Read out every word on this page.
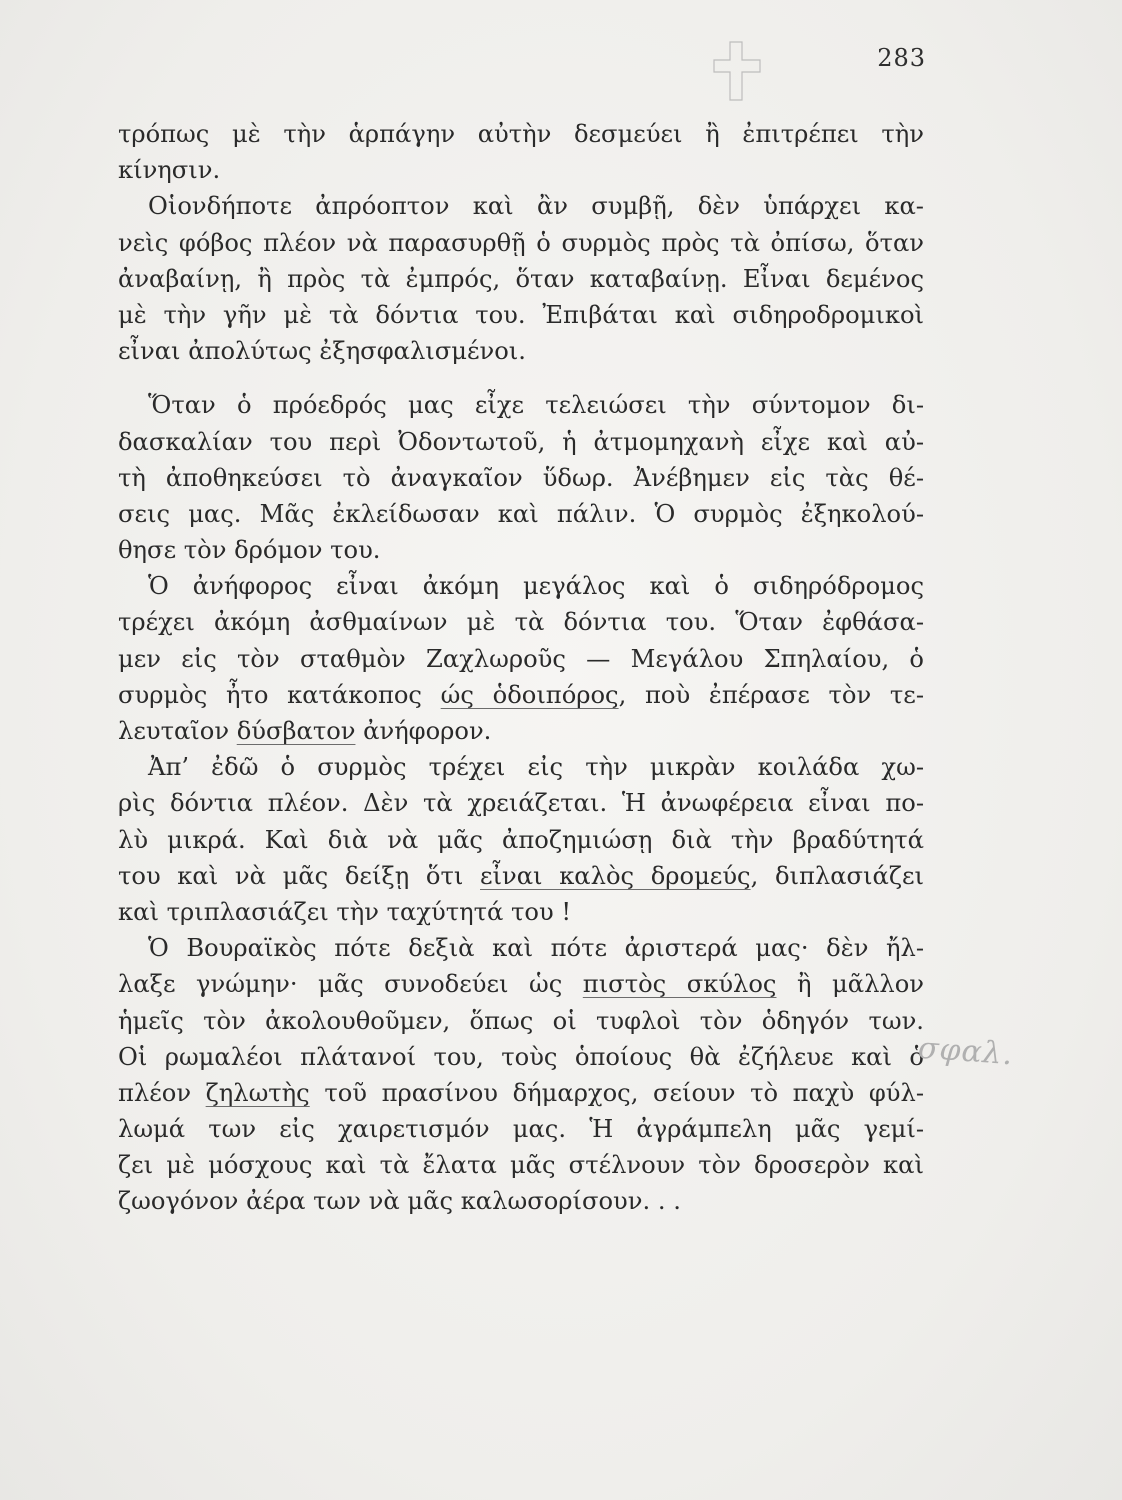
283
τρόπως μὲ τὴν ἁρπάγην αὐτὴν δεσμεύει ἢ ἐπιτρέπει τὴν
κίνησιν.
Οἱονδήποτε ἀπρόοπτον καὶ ἂν συμβῇ, δὲν ὑπάρχει κα-
νεὶς φόβος πλέον νὰ παρασυρθῇ ὁ συρμὸς πρὸς τὰ ὀπίσω, ὅταν
ἀναβαίνῃ, ἢ πρὸς τὰ ἐμπρός, ὅταν καταβαίνῃ. Εἶναι δεμένος
μὲ τὴν γῆν μὲ τὰ δόντια του. Ἐπιβάται καὶ σιδηροδρομικοὶ
εἶναι ἀπολύτως ἐξησφαλισμένοι.
Ὅταν ὁ πρόεδρός μας εἶχε τελειώσει τὴν σύντομον δι-
δασκαλίαν του περὶ Ὀδοντωτοῦ, ἡ ἀτμομηχανὴ εἶχε καὶ αὐ-
τὴ ἀποθηκεύσει τὸ ἀναγκαῖον ὕδωρ. Ἀνέβημεν εἰς τὰς θέ-
σεις μας. Μᾶς ἐκλείδωσαν καὶ πάλιν. Ὁ συρμὸς ἐξηκολού-
θησε τὸν δρόμον του.
Ὁ ἀνήφορος εἶναι ἀκόμη μεγάλος καὶ ὁ σιδηρόδρομος
τρέχει ἀκόμη ἀσθμαίνων μὲ τὰ δόντια του. Ὅταν ἐφθάσα-
μεν εἰς τὸν σταθμὸν Ζαχλωροῦς — Μεγάλου Σπηλαίου, ὁ
συρμὸς ἦτο κατάκοπος ώς ὁδοιπόρος, ποὺ ἐπέρασε τὸν τε-
λευταῖον δύσβατον ἀνήφορον.
Ἀπ’ ἐδῶ ὁ συρμὸς τρέχει εἰς τὴν μικρὰν κοιλάδα χω-
ρὶς δόντια πλέον. Δὲν τὰ χρειάζεται. Ἡ ἀνωφέρεια εἶναι πο-
λὺ μικρά. Καὶ διὰ νὰ μᾶς ἀποζημιώσῃ διὰ τὴν βραδύτητά
του καὶ νὰ μᾶς δείξῃ ὅτι εἶναι καλὸς δρομεύς, διπλασιάζει
καὶ τριπλασιάζει τὴν ταχύτητά του !
Ὁ Βουραϊκὸς πότε δεξιὰ καὶ πότε ἀριστερά μας· δὲν ἤλ-
λαξε γνώμην· μᾶς συνοδεύει ὡς πιστὸς σκύλος ἢ μᾶλλον
ἡμεῖς τὸν ἀκολουθοῦμεν, ὅπως οἱ τυφλοὶ τὸν ὁδηγόν των.
Οἱ ρωμαλέοι πλάτανοί του, τοὺς ὁποίους θὰ ἐζήλευε καὶ ὁ
πλέον ζηλωτὴς τοῦ πρασίνου δήμαρχος, σείουν τὸ παχὺ φύλ-
λωμά των εἰς χαιρετισμόν μας. Ἡ ἀγράμπελη μᾶς γεμί-
ζει μὲ μόσχους καὶ τὰ ἔλατα μᾶς στέλνουν τὸν δροσερὸν καὶ
ζωογόνον ἀέρα των νὰ μᾶς καλωσορίσουν. . .
σφαλ.
